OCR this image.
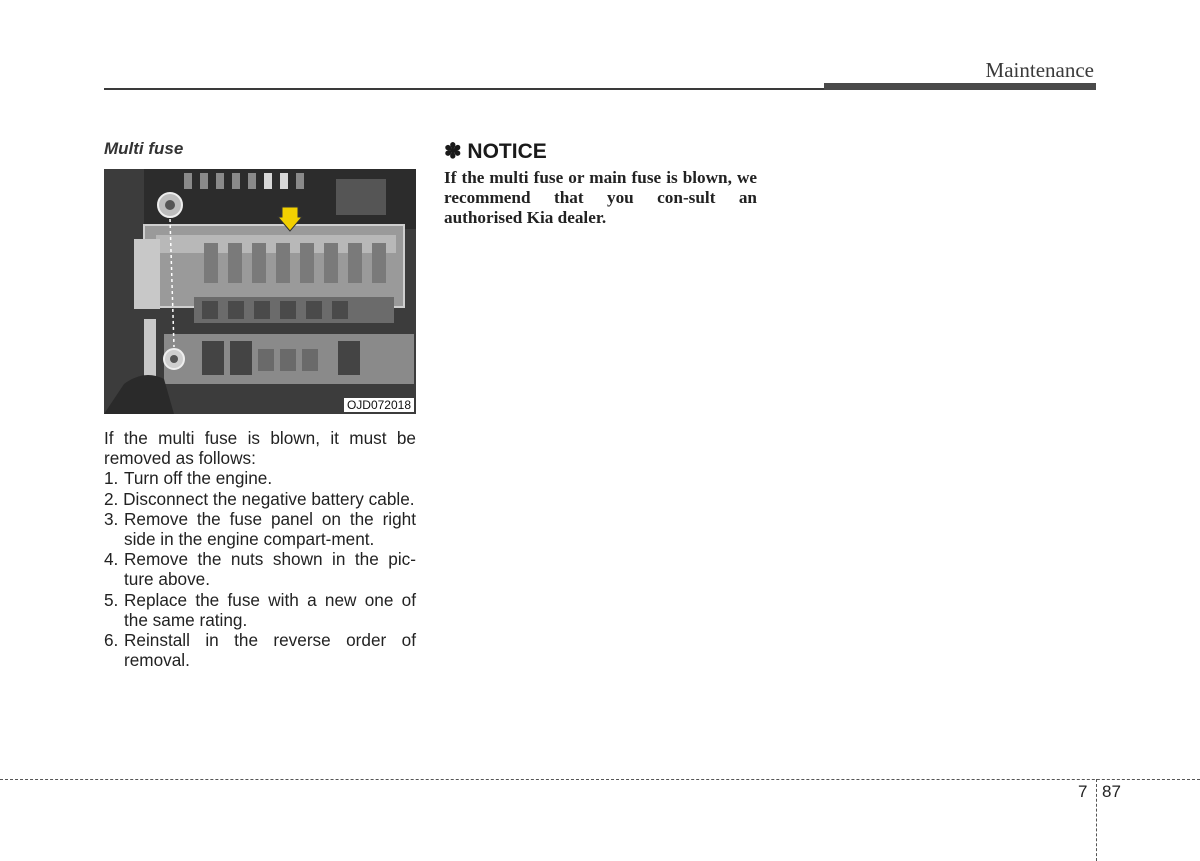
Maintenance
Multi fuse
OJD072018

If the multi fuse is blown, it must be removed as follows:

1. Turn off the engine.
2. Disconnect the negative battery cable.
3. Remove the fuse panel on the right side in the engine compart-ment.
4. Remove the nuts shown in the pic-ture above.
5. Replace the fuse with a new one of the same rating.
6. Reinstall in the reverse order of removal.
✽ NOTICE
If the multi fuse or main fuse is blown, we recommend that you con-sult an authorised Kia dealer.
7 87
